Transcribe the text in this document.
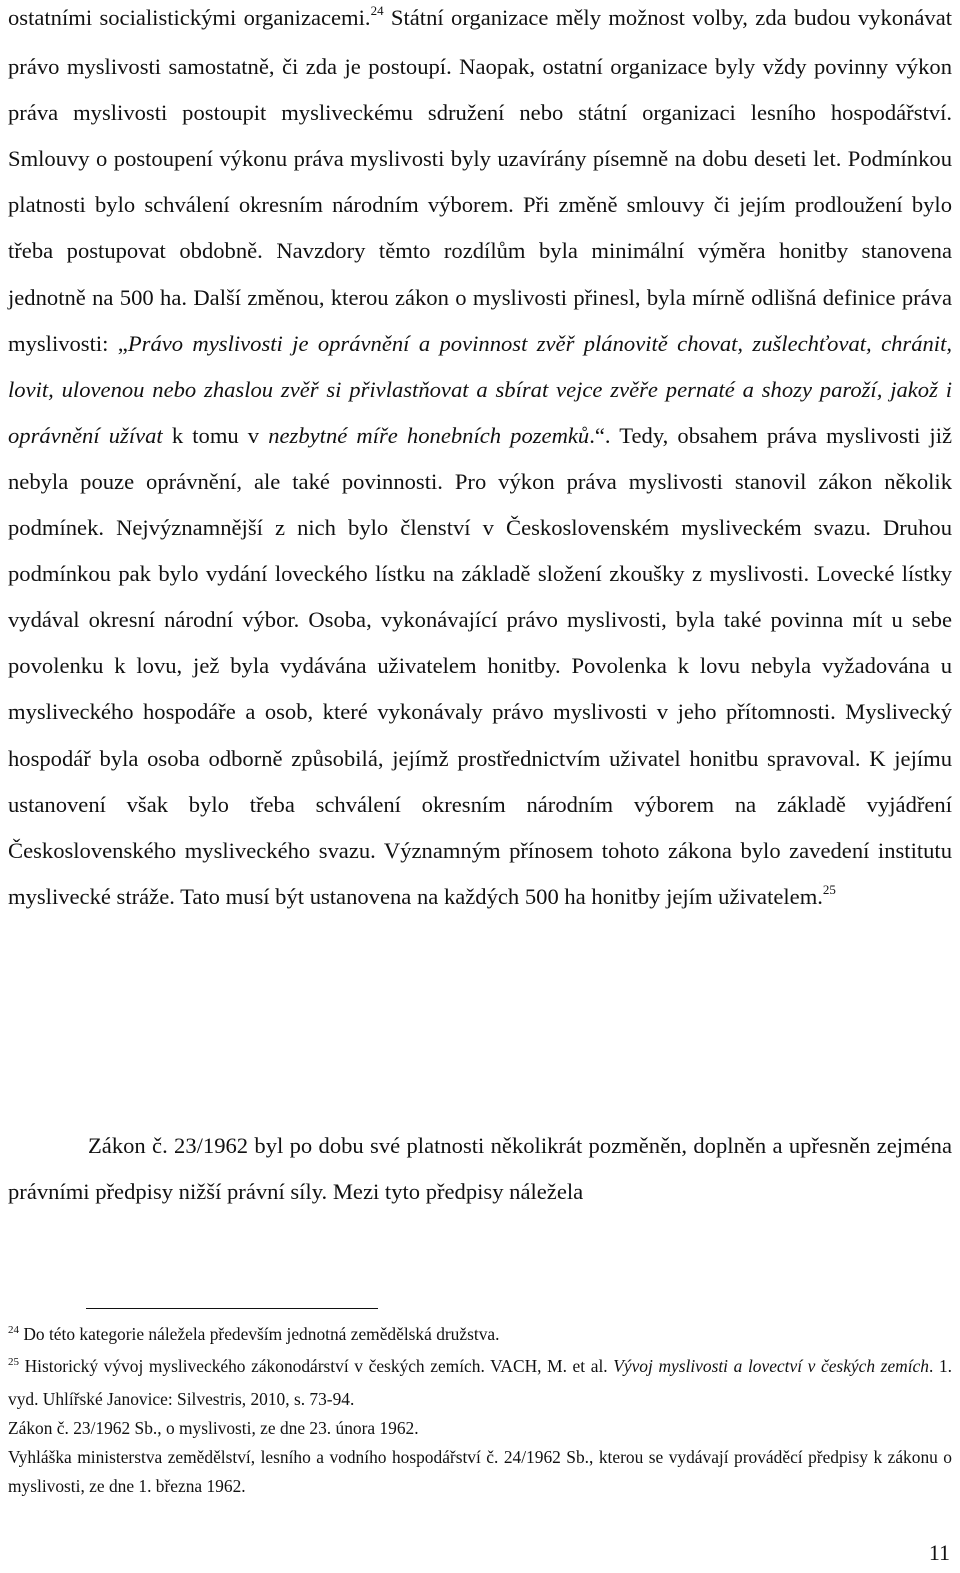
ostatními socialistickými organizacemi.$^{24}$ Státní organizace měly možnost volby, zda budou vykonávat právo myslivosti samostatně, či zda je postoupí. Naopak, ostatní organizace byly vždy povinny výkon práva myslivosti postoupit mysliveckému sdružení nebo státní organizaci lesního hospodářství. Smlouvy o postoupení výkonu práva myslivosti byly uzavírány písemně na dobu deseti let. Podmínkou platnosti bylo schválení okresním národním výborem. Při změně smlouvy či jejím prodloužení bylo třeba postupovat obdobně. Navzdory těmto rozdílům byla minimální výměra honitby stanovena jednotně na 500 ha. Další změnou, kterou zákon o myslivosti přinesl, byla mírně odlišná definice práva myslivosti: „Právo myslivosti je oprávnění a povinnost zvěř plánovitě chovat, zušlechťovat, chránit, lovit, ulovenou nebo zhaslou zvěř si přivlastňovat a sbírat vejce zvěře pernaté a shozy paroží, jakož i oprávnění užívat k tomu v nezbytné míře honebních pozemků.“. Tedy, obsahem práva myslivosti již nebyla pouze oprávnění, ale také povinnosti. Pro výkon práva myslivosti stanovil zákon několik podmínek. Nejvýznamnější z nich bylo členství v Československém mysliveckém svazu. Druhou podmínkou pak bylo vydání loveckého lístku na základě složení zkoušky z myslivosti. Lovecké lístky vydával okresní národní výbor. Osoba, vykonávající právo myslivosti, byla také povinna mít u sebe povolenku k lovu, jež byla vydávána uživatelem honitby. Povolenka k lovu nebyla vyžadována u mysliveckého hospodáře a osob, které vykonávaly právo myslivosti v jeho přítomnosti. Myslivecký hospodář byla osoba odborně způsobilá, jejímž prostřednictvím uživatel honitbu spravoval. K jejímu ustanovení však bylo třeba schválení okresním národním výborem na základě vyjádření Československého mysliveckého svazu. Významným přínosem tohoto zákona bylo zavedení institutu myslivecké stráže. Tato musí být ustanovena na každých 500 ha honitby jejím uživatelem.$^{25}$

Zákon č. 23/1962 byl po dobu své platnosti několikrát pozměněn, doplněn a upřesněn zejména právními předpisy nižší právní síly. Mezi tyto předpisy náležela

$^{24}$ Do této kategorie náležela především jednotná zemědělská družstva.

$^{25}$ Historický vývoj mysliveckého zákonodárství v českých zemích. VACH, M. et al. Vývoj myslivosti a lovectví v českých zemích. 1. vyd. Uhlířské Janovice: Silvestris, 2010, s. 73-94.

Zákon č. 23/1962 Sb., o myslivosti, ze dne 23. února 1962.

Vyhláška ministerstva zemědělství, lesního a vodního hospodářství č. 24/1962 Sb., kterou se vydávají prováděcí předpisy k zákonu o myslivosti, ze dne 1. března 1962.

11
